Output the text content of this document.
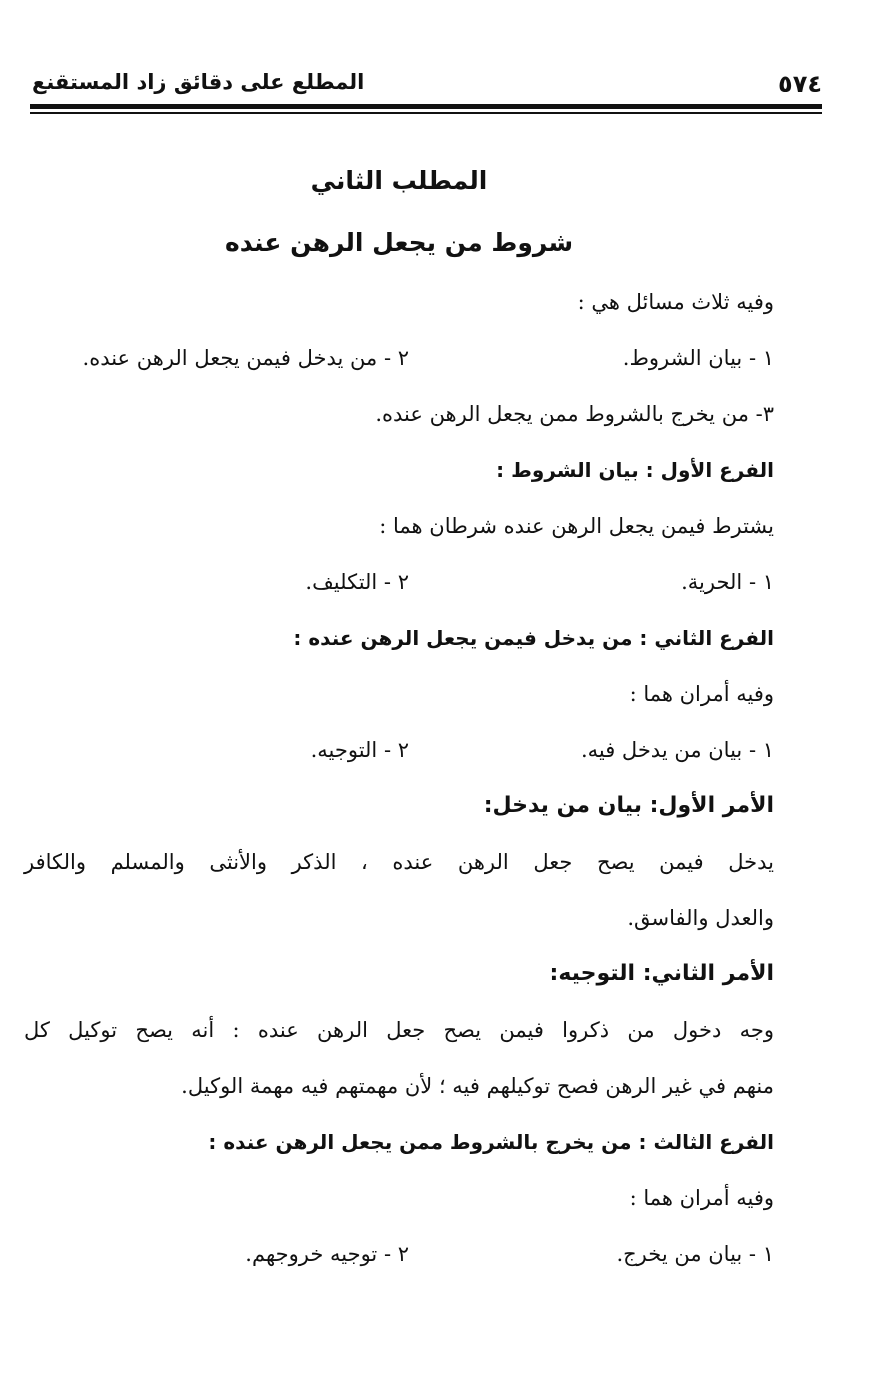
٥٧٤
المطلع على دقائق زاد المستقنع
المطلب الثاني
شروط من يجعل الرهن عنده
وفيه ثلاث مسائل هي :
١ - بيان الشروط.
٢ - من يدخل فيمن يجعل الرهن عنده.
٣- من يخرج بالشروط ممن يجعل الرهن عنده.
الفرع الأول : بيان الشروط :
يشترط فيمن يجعل الرهن عنده شرطان هما :
١ - الحرية.
٢ - التكليف.
الفرع الثاني : من يدخل فيمن يجعل الرهن عنده :
وفيه أمران هما :
١ - بيان من يدخل فيه.
٢ - التوجيه.
الأمر الأول: بيان من يدخل:
يدخل فيمن يصح جعل الرهن عنده ، الذكر والأنثى والمسلم والكافر
والعدل والفاسق.
الأمر الثاني: التوجيه:
وجه دخول من ذكروا فيمن يصح جعل الرهن عنده : أنه يصح توكيل كل
منهم في غير الرهن فصح توكيلهم فيه ؛ لأن مهمتهم فيه مهمة الوكيل.
الفرع الثالث : من يخرج بالشروط ممن يجعل الرهن عنده :
وفيه أمران هما :
١ - بيان من يخرج.
٢ - توجيه خروجهم.
